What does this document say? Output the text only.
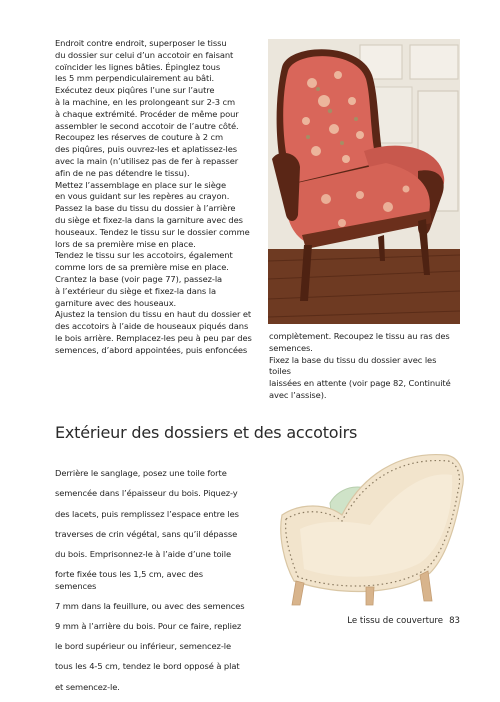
Endroit contre endroit, superposer le tissu

du dossier sur celui d’un accotoir en faisant

coïncider les lignes bâties. Épinglez tous

les 5 mm perpendiculairement au bâti.

Exécutez deux piqûres l’une sur l’autre

à la machine, en les prolongeant sur 2-3 cm

à chaque extrémité. Procéder de même pour

assembler le second accotoir de l’autre côté.

Recoupez les réserves de couture à 2 cm

des piqûres, puis ouvrez-les et aplatissez-les

avec la main (n’utilisez pas de fer à repasser

afin de ne pas détendre le tissu).

Mettez l’assemblage en place sur le siège

en vous guidant sur les repères au crayon.

Passez la base du tissu du dossier à l’arrière

du siège et fixez-la dans la garniture avec des

houseaux. Tendez le tissu sur le dossier comme

lors de sa première mise en place.

Tendez le tissu sur les accotoirs, également

comme lors de sa première mise en place.

Crantez la base (voir page 77), passez-la

à l’extérieur du siège et fixez-la dans la

garniture avec des houseaux.

Ajustez la tension du tissu en haut du dossier et

des accotoirs à l’aide de houseaux piqués dans

le bois arrière. Remplacez-les peu à peu par des

semences, d’abord appointées, puis enfoncées

complètement. Recoupez le tissu au ras des

semences.

Fixez la base du tissu du dossier avec les toiles

laissées en attente (voir page 82, Continuité

avec l’assise).

Extérieur des dossiers et des accotoirs

Derrière le sanglage, posez une toile forte

semencée dans l’épaisseur du bois. Piquez-y

des lacets, puis remplissez l’espace entre les

traverses de crin végétal, sans qu’il dépasse

du bois. Emprisonnez-le à l’aide d’une toile

forte fixée tous les 1,5 cm, avec des semences

7 mm dans la feuillure, ou avec des semences

9 mm à l’arrière du bois. Pour ce faire, repliez

le bord supérieur ou inférieur, semencez-le

tous les 4-5 cm, tendez le bord opposé à plat

et semencez-le.

Le tissu de couverture 83
